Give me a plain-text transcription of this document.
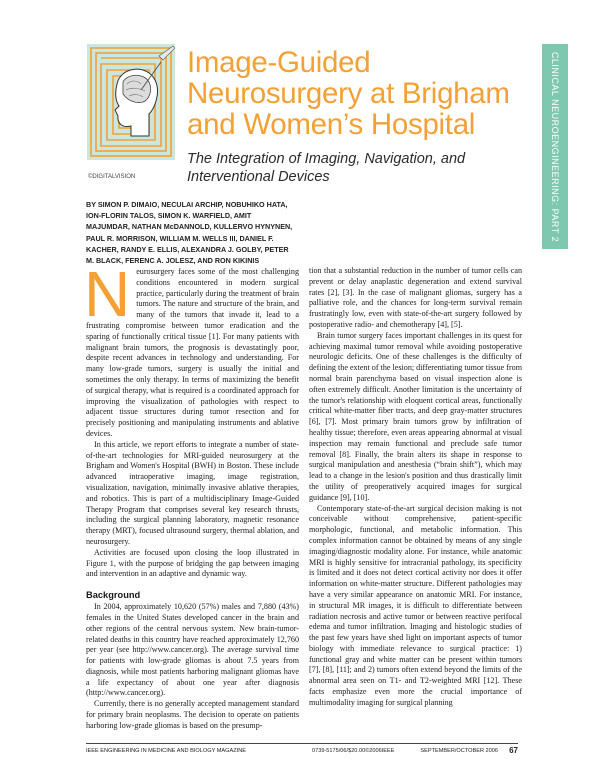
©DIGITALVISION
Image-Guided Neurosurgery at Brigham and Women’s Hospital
The Integration of Imaging, Navigation, and Interventional Devices	CLINICAL NEUROENGINEERING: PART 2

BY SIMON P. DIMAIO, NECULAI ARCHIP, NOBUHIKO HATA, ION-FLORIN TALOS, SIMON K. WARFIELD, AMIT MAJUMDAR, NATHAN McDANNOLD, KULLERVO HYNYNEN, PAUL R. MORRISON, WILLIAM M. WELLS III, DANIEL F. KACHER, RANDY E. ELLIS, ALEXANDRA J. GOLBY, PETER M. BLACK, FERENC A. JOLESZ, AND RON KIKINIS

Neurosurgery faces some of the most challenging conditions encountered in modern surgical practice, particularly during the treatment of brain tumors. The nature and structure of the brain, and many of the tumors that invade it, lead to a frustrating compromise between tumor eradication and the sparing of functionally critical tissue [1]. For many patients with malignant brain tumors, the prognosis is devastatingly poor, despite recent advances in technology and understanding. For many low-grade tumors, surgery is usually the initial and sometimes the only therapy. In terms of maximizing the benefit of surgical therapy, what is required is a coordinated approach for improving the visualization of pathologies with respect to adjacent tissue structures during tumor resection and for precisely positioning and manipulating instruments and ablative devices.

In this article, we report efforts to integrate a number of state-of-the-art technologies for MRI-guided neurosurgery at the Brigham and Women's Hospital (BWH) in Boston. These include advanced intraoperative imaging, image registration, visualization, navigation, minimally invasive ablative therapies, and robotics. This is part of a multidisciplinary Image-Guided Therapy Program that comprises several key research thrusts, including the surgical planning laboratory, magnetic resonance therapy (MRT), focused ultrasound surgery, thermal ablation, and neurosurgery.

Activities are focused upon closing the loop illustrated in Figure 1, with the purpose of bridging the gap between imaging and intervention in an adaptive and dynamic way.

Background

In 2004, approximately 10,620 (57%) males and 7,880 (43%) females in the United States developed cancer in the brain and other regions of the central nervous system. New brain-tumor-related deaths in this country have reached approximately 12,760 per year (see http://www.cancer.org). The average survival time for patients with low-grade gliomas is about 7.5 years from diagnosis, while most patients harboring malignant gliomas have a life expectancy of about one year after diagnosis (http://www.cancer.org).

Currently, there is no generally accepted management standard for primary brain neoplasms. The decision to operate on patients harboring low-grade gliomas is based on the presump-

tion that a substantial reduction in the number of tumor cells can prevent or delay anaplastic degeneration and extend survival rates [2], [3]. In the case of malignant gliomas, surgery has a palliative role, and the chances for long-term survival remain frustratingly low, even with state-of-the-art surgery followed by postoperative radio- and chemotherapy [4], [5].

Brain tumor surgery faces important challenges in its quest for achieving maximal tumor removal while avoiding postoperative neurologic deficits. One of these challenges is the difficulty of defining the extent of the lesion; differentiating tumor tissue from normal brain parenchyma based on visual inspection alone is often extremely difficult. Another limitation is the uncertainty of the tumor's relationship with eloquent cortical areas, functionally critical white-matter fiber tracts, and deep gray-matter structures [6], [7]. Most primary brain tumors grow by infiltration of healthy tissue; therefore, even areas appearing abnormal at visual inspection may remain functional and preclude safe tumor removal [8]. Finally, the brain alters its shape in response to surgical manipulation and anesthesia (“brain shift”), which may lead to a change in the lesion's position and thus drastically limit the utility of preoperatively acquired images for surgical guidance [9], [10].

Contemporary state-of-the-art surgical decision making is not conceivable without comprehensive, patient-specific morphologic, functional, and metabolic information. This complex information cannot be obtained by means of any single imaging/diagnostic modality alone. For instance, while anatomic MRI is highly sensitive for intracranial pathology, its specificity is limited and it does not detect cortical activity nor does it offer information on white-matter structure. Different pathologies may have a very similar appearance on anatomic MRI. For instance, in structural MR images, it is difficult to differentiate between radiation necrosis and active tumor or between reactive perifocal edema and tumor infiltration. Imaging and histologic studies of the past few years have shed light on important aspects of tumor biology with immediate relevance to surgical practice: 1) functional gray and white matter can be present within tumors [7], [8], [11]; and 2) tumors often extend beyond the limits of the abnormal area seen on T1- and T2-weighted MRI [12]. These facts emphasize even more the crucial importance of multimodality imaging for surgical planning

IEEE ENGINEERING IN MEDICINE AND BIOLOGY MAGAZINE	0739-5175/06/$20.00©2006IEEE	SEPTEMBER/OCTOBER 2006 67
